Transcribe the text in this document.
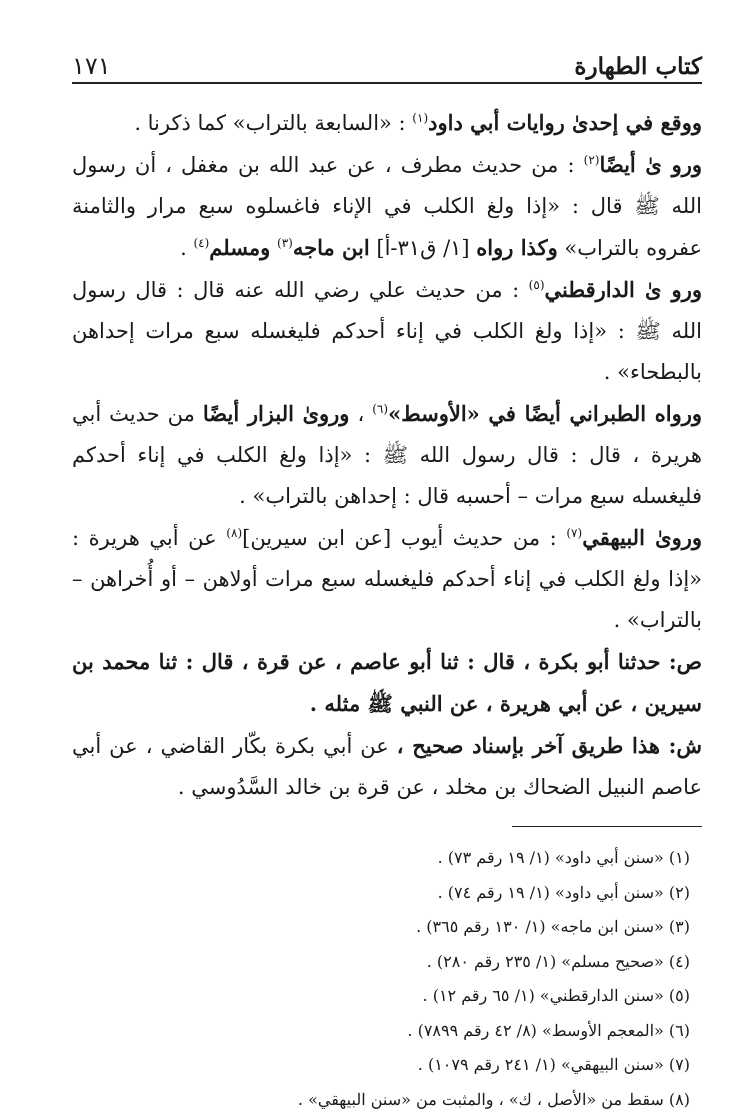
كتاب الطهارة
١٧١

ووقع في إحدىٰ روايات أبي داود$^{(١)}$ : «السابعة بالتراب» كما ذكرنا .

ورو ىٰ أيضًا$^{(٢)}$ : من حديث مطرف ، عن عبد الله بن مغفل ، أن رسول الله ﷺ قال : «إذا ولغ الكلب في الإناء فاغسلوه سبع مرار والثامنة عفروه بالتراب» وكذا رواه [١/ ق٣١-أ] ابن ماجه$^{(٣)}$ ومسلم$^{(٤)}$ .

ورو ىٰ الدارقطني$^{(٥)}$ : من حديث علي رضي الله عنه قال : قال رسول الله ﷺ : «إذا ولغ الكلب في إناء أحدكم فليغسله سبع مرات إحداهن بالبطحاء» .

ورواه الطبراني أيضًا في «الأوسط»$^{(٦)}$ ، وروىٰ البزار أيضًا من حديث أبي هريرة ، قال : قال رسول الله ﷺ : «إذا ولغ الكلب في إناء أحدكم فليغسله سبع مرات – أحسبه قال : إحداهن بالتراب» .

وروىٰ البيهقي$^{(٧)}$ : من حديث أيوب [عن ابن سيرين]$^{(٨)}$ عن أبي هريرة : «إذا ولغ الكلب في إناء أحدكم فليغسله سبع مرات أولاهن – أو أُخراهن – بالتراب» .

ص: حدثنا أبو بكرة ، قال : ثنا أبو عاصم ، عن قرة ، قال : ثنا محمد بن سيرين ، عن أبي هريرة ، عن النبي ﷺ مثله .

ش: هذا طريق آخر بإسناد صحيح ، عن أبي بكرة بكّار القاضي ، عن أبي عاصم النبيل الضحاك بن مخلد ، عن قرة بن خالد السَّدُوسي .

(١) «سنن أبي داود» (١/ ١٩ رقم ٧٣) .
(٢) «سنن أبي داود» (١/ ١٩ رقم ٧٤) .
(٣) «سنن ابن ماجه» (١/ ١٣٠ رقم ٣٦٥) .
(٤) «صحيح مسلم» (١/ ٢٣٥ رقم ٢٨٠) .
(٥) «سنن الدارقطني» (١/ ٦٥ رقم ١٢) .
(٦) «المعجم الأوسط» (٨/ ٤٢ رقم ٧٨٩٩) .
(٧) «سنن البيهقي» (١/ ٢٤١ رقم ١٠٧٩) .
(٨) سقط من «الأصل ، ك» ، والمثبت من «سنن البيهقي» .
